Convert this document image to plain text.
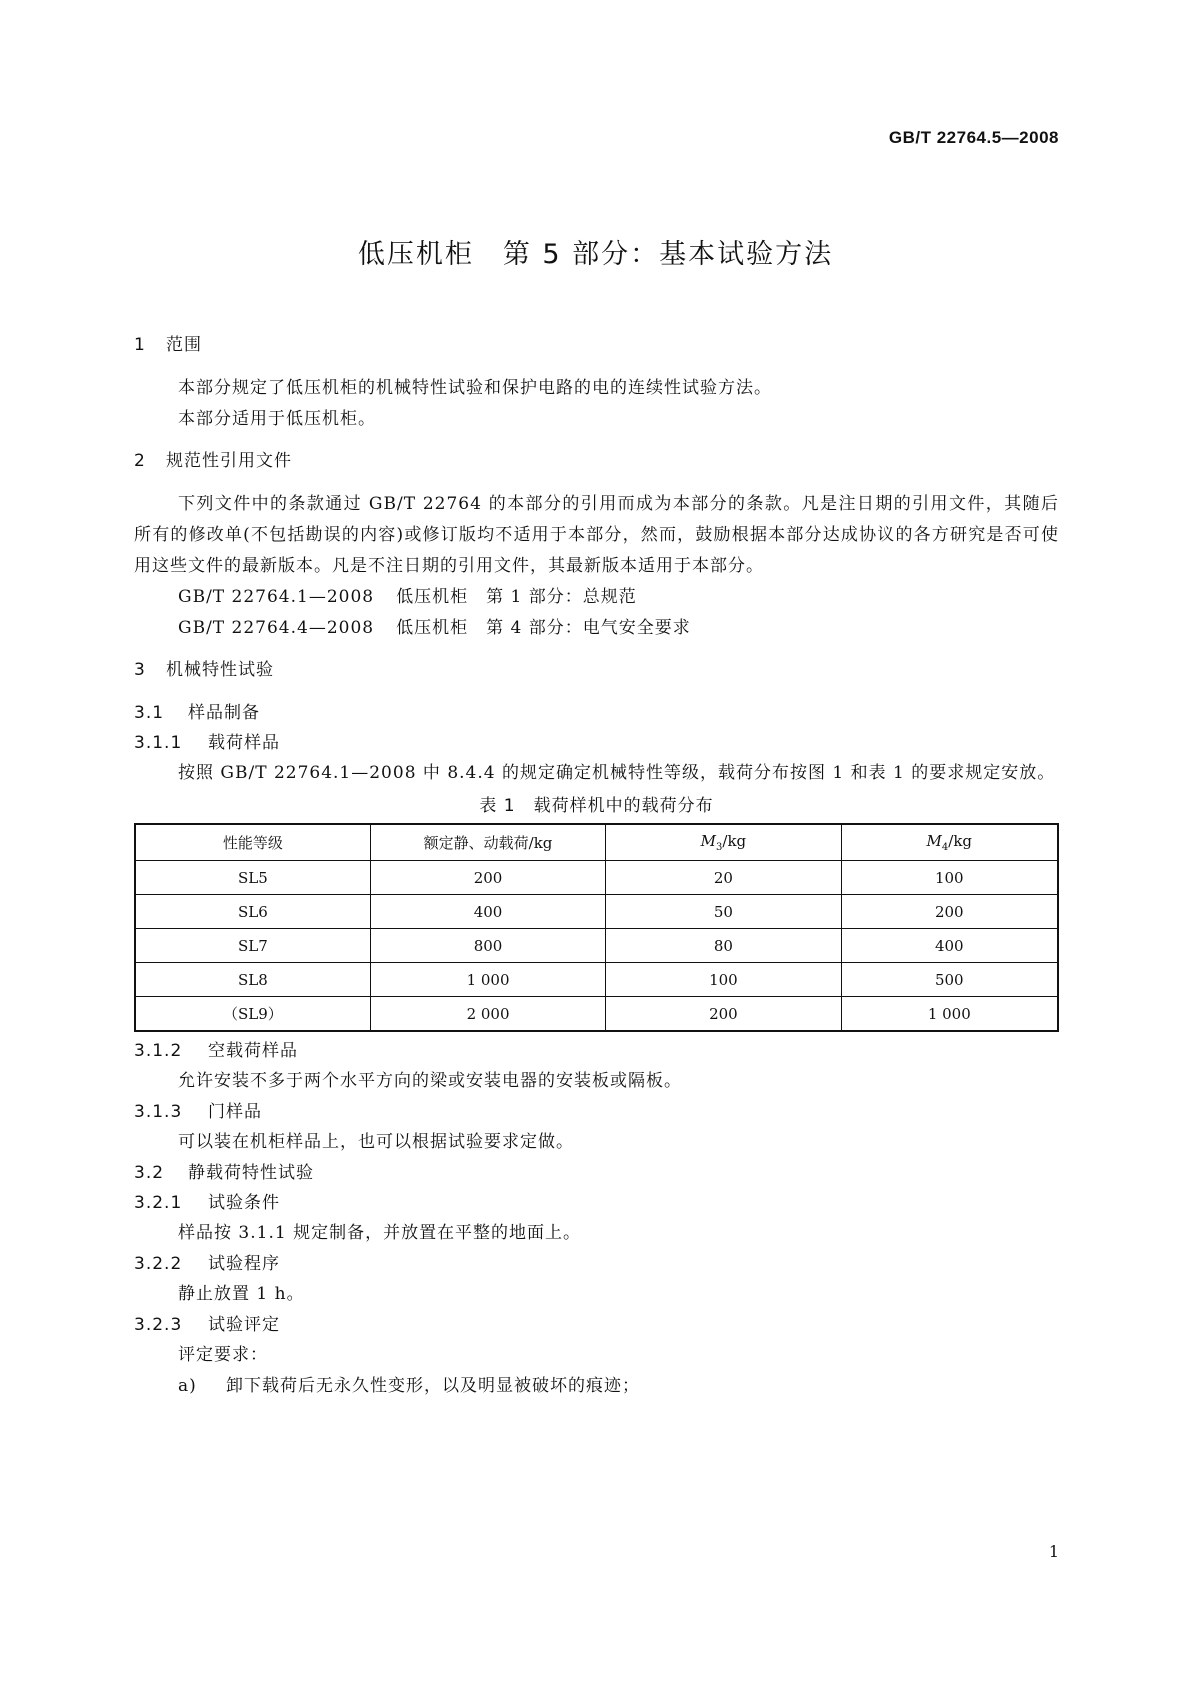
GB/T 22764.5—2008
低压机柜　第 5 部分：基本试验方法
1 范围
本部分规定了低压机柜的机械特性试验和保护电路的电的连续性试验方法。
本部分适用于低压机柜。
2 规范性引用文件
下列文件中的条款通过 GB/T 22764 的本部分的引用而成为本部分的条款。凡是注日期的引用文件，其随后所有的修改单(不包括勘误的内容)或修订版均不适用于本部分，然而，鼓励根据本部分达成协议的各方研究是否可使用这些文件的最新版本。凡是不注日期的引用文件，其最新版本适用于本部分。
GB/T 22764.1—2008 低压机柜　第 1 部分：总规范
GB/T 22764.4—2008 低压机柜　第 4 部分：电气安全要求
3 机械特性试验
3.1 样品制备
3.1.1 载荷样品
按照 GB/T 22764.1—2008 中 8.4.4 的规定确定机械特性等级，载荷分布按图 1 和表 1 的要求规定安放。
表 1　载荷样机中的载荷分布
性能等级	额定静、动载荷/kg	$M_3/kg$	$M_4/kg$
SL5	200	20	100
SL6	400	50	200
SL7	800	80	400
SL8	1 000	100	500
（SL9）	2 000	200	1 000
3.1.2 空载荷样品
允许安装不多于两个水平方向的梁或安装电器的安装板或隔板。
3.1.3 门样品
可以装在机柜样品上，也可以根据试验要求定做。
3.2 静载荷特性试验
3.2.1 试验条件
样品按 3.1.1 规定制备，并放置在平整的地面上。
3.2.2 试验程序
静止放置 1 h。
3.2.3 试验评定
评定要求：
a) 卸下载荷后无永久性变形，以及明显被破坏的痕迹；
1
